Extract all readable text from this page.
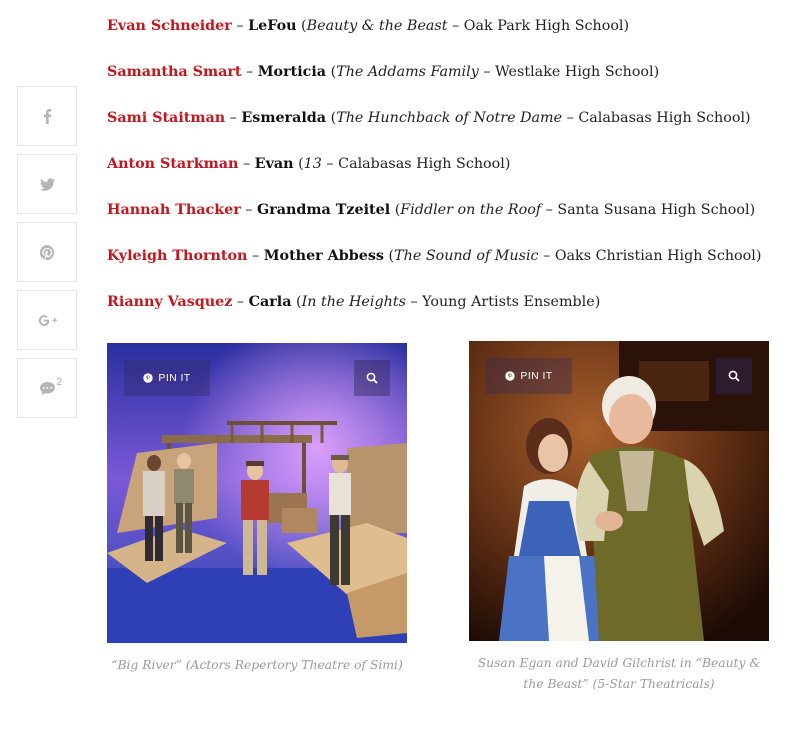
2
Evan Schneider – LeFou (Beauty & the Beast – Oak Park High School)
Samantha Smart – Morticia (The Addams Family – Westlake High School)
Sami Staitman – Esmeralda (The Hunchback of Notre Dame – Calabasas High School)
Anton Starkman – Evan (13 – Calabasas High School)
Hannah Thacker – Grandma Tzeitel (Fiddler on the Roof – Santa Susana High School)
Kyleigh Thornton – Mother Abbess (The Sound of Music – Oaks Christian High School)
Rianny Vasquez – Carla (In the Heights – Young Artists Ensemble)
PIN IT
“Big River” (Actors Repertory Theatre of Simi)
PIN IT
Susan Egan and David Gilchrist in “Beauty & the Beast” (5-Star Theatricals)
